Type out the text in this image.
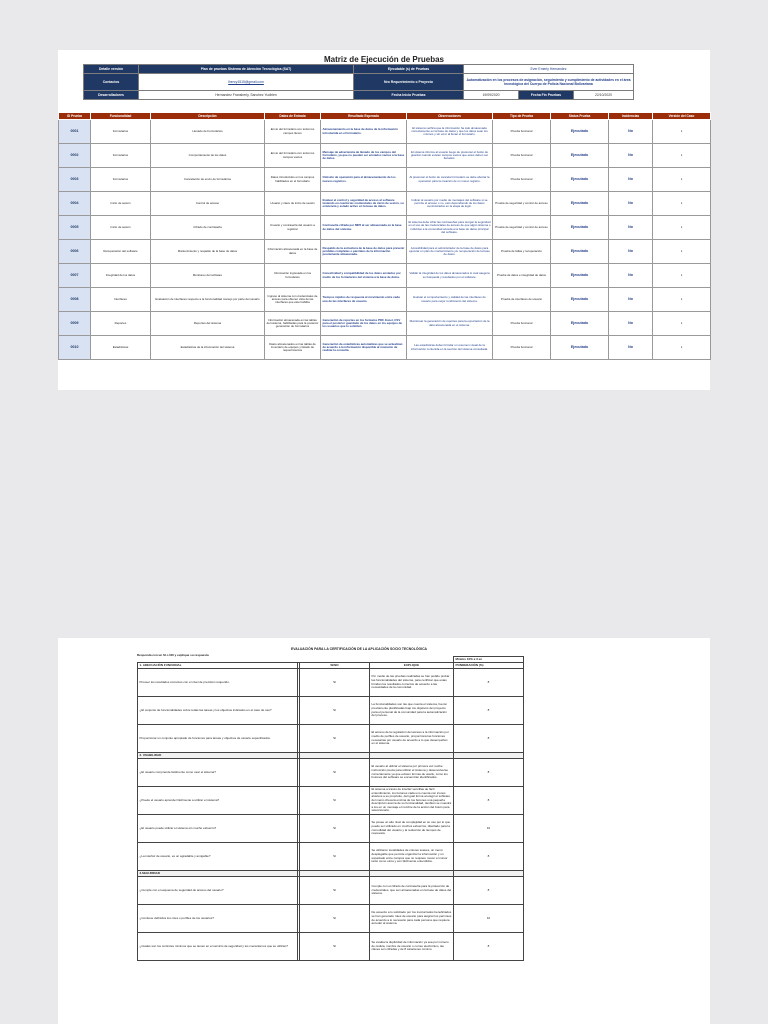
Matriz de Ejecución de Pruebas
Detalle versión	Plan de pruebas Sistema de Atención Tecnológica (SAT)	Ejecutable (s) de Pruebas	Ever Emerly Hernandez		
Contactos	lhenry1515@gmail.com	Nro Requerimiento o Proyecto	Automatización en los procesos de asignación, seguimiento y cumplimiento de actividades en el área tecnológica del Cuerpo de Policía Nacional Bolivariana		
Desarrolladores	Hernandez Fransberly, Sanchez Yudirlen	Fecha Inicio Pruebas	19/09/2020	Fecha Fin Pruebas	22/10/2020
ID Prueba	Funcionalidad	Descripción	Datos de Entrada	Resultado Esperado	Observaciones	Tipo de Prueba	Status Prueba	Incidencias	Versión del Caso
0001	Formularios	Llenado de Formularios	Envío del formulario con todos los campos llenos	Almacenamiento en la base de datos de la información introducida en el formulario.	El sistema verifica que la información ha sido almacenada correctamente en la base de datos y que los datos sean los mismos y sin error al llenar el formulario.	Prueba funcional	Ejecutado	No	1
0002	Formularios	Comportamiento de los datos	Envío del formulario con todos los campos vacíos	Mensaje de advertencia de llenado de los campos del formulario, ya que no pueden ser enviados vacíos a la base de datos.	El sistema informa al usuario luego de presionar el botón de guardar cuando existen campos vacíos que estos deben ser llenados.	Prueba funcional	Ejecutado	No	1
0003	Formularios	Cancelación de envío de formularios	Datos introducidos en los campos habilitados en el formulario	Omisión de operación para el almacenamiento de los nuevos registros.	Al presionar el botón de cancelar formulario se debe abortar la operación para la creación de un nuevo registro.	Prueba funcional	Ejecutado	No	1
0004	Inicio de sesión	Control de acceso	Usuario y clave de inicio de sesión	Evaluar el control y seguridad de acceso al software teniendo en cuenta las credenciales de inicio de sesión, su existencia y estado activo en la base de datos.	Indicar al usuario por medio de mensajes del software si se permite el acceso o no, esto dependiendo de los datos suministrados en la etapa de login.	Prueba de seguridad y control de acceso	Ejecutado	No	1
0005	Inicio de sesión	Cifrado de contraseña	Usuario y contraseña del usuario a registrar	Contraseña cifrada por MD5 al ser almacenada en la base de datos del sistema.	El sistema debe cifrar las contraseñas para otorgar la seguridad en el uso de las credenciales de acceso de que algún sistema o individuo a la comunidad acceda a la base de datos principal del software.	Prueba de seguridad y control de acceso	Ejecutado	No	1
0006	Recuperación del software	Mantenimiento y respaldo de la base de datos	Información almacenada en la base de datos	Respaldo de la estructura de la base de datos para prevenir pérdidas completas o parciales de la información previamente almacenada.	Accesibilidad para el administrador de la base de datos para ejecutar un plan de mantenimiento y/o recuperación de la base de datos.	Prueba de fallas y recuperación	Ejecutado	No	1
0007	Integridad de los datos	Monitoreo del software	Información ingresada en los formularios	Conectividad y compatibilidad de los datos enviados por medio de los formularios del sistema a la base de datos.	Validar la integridad de los datos almacenados lo cual asegura su búsqueda y resultados por el software.	Prueba de datos e integridad de datos	Ejecutado	No	1
0008	Interfaces	Evaluación de interfaces respecto a la funcionalidad manejo por parte del usuario	Ingreso al sistema con credenciales de acceso para obtener vista de las interfaces que éste habilita	Tiempos rápidos de respuesta al movimiento entre cada una de las interfaces de usuario.	Evaluar el comportamiento y calidad de las interfaces de usuario para mejor rendimiento del sistema.	Prueba de interfaces de usuario	Ejecutado	No	1
0009	Reportes	Reportes del sistema	Información almacenada en las tablas del sistema, habilitadas para la posterior generación de formularios	Generación de reportes en los formatos PDF, Excel, CSV para el posterior guardado de los datos en los equipos de los usuarios que lo soliciten.	Monitorear la generación de reportes para la exportación de la data almacenada en el sistema.	Prueba funcional	Ejecutado	No	1
0010	Estadísticas	Estadísticas de la información del sistema	Datos almacenados en las tablas de inventario de equipos y listado de requerimientos	Generación de estadísticas automáticas que se actualizan de acuerdo a la información disponible al momento de realizar la consulta.	Las estadísticas deben brindar un resumen visual de la información contenida en la sección del sistema consultada.	Prueba funcional	Ejecutado	No	1
EVALUACIÓN PARA LA CERTIFICACIÓN DE LA APLICACIÓN SOCIO TECNOLÓGICA
Responda con un SI o NO y explique su respuesta
				Mínimo 10% a 3 en
1. ADECUACIÓN FUNCIONAL		SI/NO	EXPLIQUE	PONDERACIÓN (%)
Proveer los resultados correctos con el nivel de precisión requerido.		SI	Por medio de las pruebas realizadas se han podido probar las funcionalidades del sistema, para certificar que estas brindan los resultados correctos de acuerdo a las necesidades de la comunidad.	8
¿El conjunto de funcionalidades cubre todas las tareas y los objetivos indicados en el caso de uso?		SI	La funcionalidades son las que cuenta el sistema, fueron previamente planificadas bajo los objetivos del proyecto para el personal de la comunidad para la automatización del proceso.	8
Proporcionar un conjunto apropiado de funciones para tareas y objetivos de usuario especificados.		SI	El acceso de la regulación del acceso a la información por medio de perfiles de usuario, proporciona las funciones necesarias por usuario de acuerdo a lo que desempeñan en el sistema.	8
2. USABILIDAD				
¿El usuario comprende fácilmente como usar el sistema?		SI	El usuario al utilizar el sistema por primera vez recibe instrucción previa para utilizar el sistema y desenvolverse correctamente ya que existen formas de usarlo, como los botones del software se encuentran identificados.	8
¿Puede el usuario aprender fácilmente a utilizar el sistema?		SI	El sistema a través de interfaz sencillas de fácil entendimiento, los botones cada uno cuenta con iconos alusivos a su propósito, del igual forma al elegir el software del menú ofrecerá encima de los botones una pequeña descripción acerca de su funcionalidad, también se muestra a los en un mensaje el nombre de la acción del botón para seleccionarlo.	8
¿El usuario puede utilizar el sistema sin mucho esfuerzo?		SI	Se posee un alto nivel de complejidad en su uso por lo que puede ser utilizado en muchos esfuerzos, diseñado para la comodidad del usuario y la reducción de tiempos de respuesta.	10
¿La interfaz de usuario, es un agradable y amigable?		SI	Se utilizaron tonalidades de colores suaves, un menú desplegable que permite organizar la información y un espaciado entre campos que no requiere mover el cursor tanto como otros y son fácilmente entendidos.	8
3.SEGURIDAD				
¿Cumple con el esquema de seguridad de acceso del usuario?		SI	Cumple con el cifrado de contraseña para la protección de credenciales, que son almacenadas en la base de datos del sistema.	8
¿Contiene definidos los roles o perfiles de los usuarios?		SI	De acuerdo a lo solicitado por los involucrados beneficiados se han generado roles de usuario para asignar los permisos de acuerdo a lo necesario para cada persona que requiera acceder al sistema.	10
¿Cuáles son los controles mínimos que se tienen en el servicio de seguridad y los mecanismos que se utilizan?		SI	Se evalúa la duplicidad de información ya sea por número de cédula, nombre de usuario o correo electrónico, las claves son cifradas y de 8 caracteres mínimo.	8
